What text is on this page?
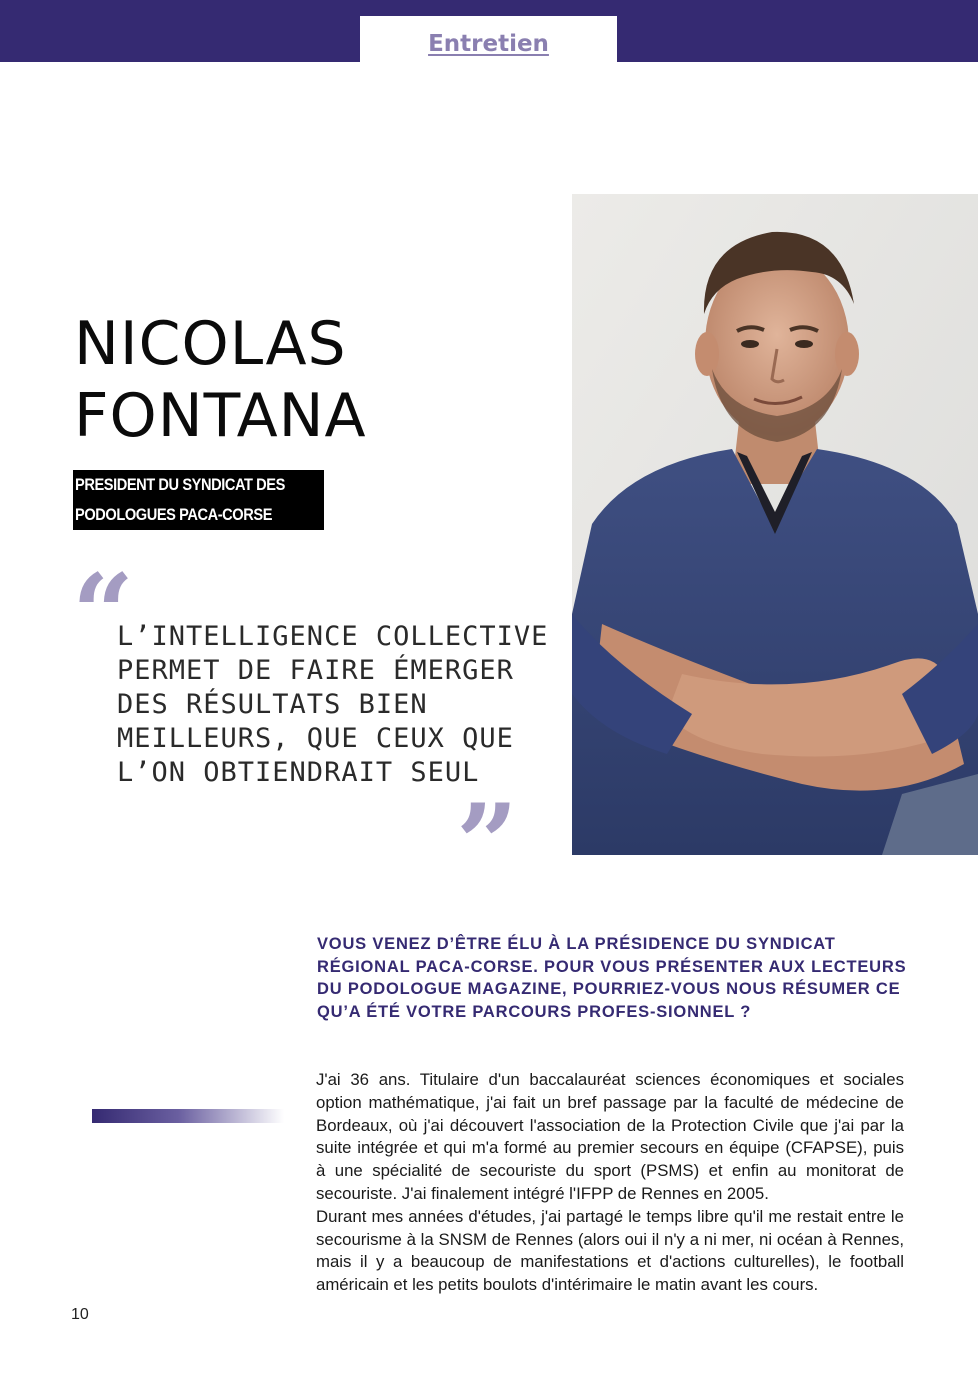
Entretien
NICOLAS
FONTANA
PRESIDENT DU SYNDICAT DES
PODOLOGUES PACA-CORSE
“
L’INTELLIGENCE COLLECTIVE
PERMET DE FAIRE ÉMERGER
DES RÉSULTATS BIEN
MEILLEURS, QUE CEUX QUE
L’ON OBTIENDRAIT SEUL
”
VOUS VENEZ D’ÊTRE ÉLU À LA PRÉSIDENCE DU SYNDICAT RÉGIONAL PACA-CORSE. POUR VOUS PRÉSENTER AUX LECTEURS DU PODOLOGUE MAGAZINE, POURRIEZ-VOUS NOUS RÉSUMER CE QU’A ÉTÉ VOTRE PARCOURS PROFES-SIONNEL ?

J'ai 36 ans. Titulaire d'un baccalauréat sciences économiques et sociales option mathématique, j'ai fait un bref passage par la faculté de médecine de Bordeaux, où j'ai découvert l'association de la Protection Civile que j'ai par la suite intégrée et qui m'a formé au premier secours en équipe (CFAPSE), puis à une spécialité de secouriste du sport (PSMS) et enfin au monitorat de secouriste. J'ai finalement intégré l'IFPP de Rennes en 2005.

Durant mes années d'études, j'ai partagé le temps libre qu'il me restait entre le secourisme à la SNSM de Rennes (alors oui il n'y a ni mer, ni océan à Rennes, mais il y a beaucoup de manifestations et d'actions culturelles), le football américain et les petits boulots d'intérimaire le matin avant les cours.

10
